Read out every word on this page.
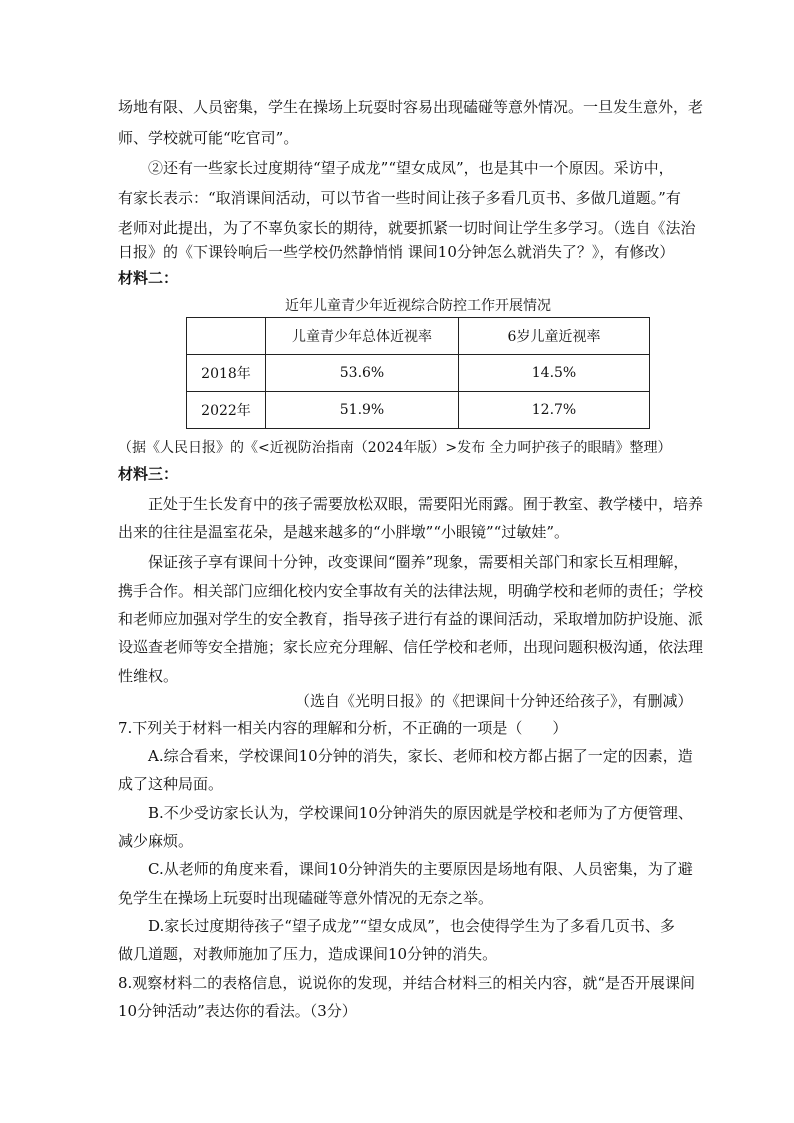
场地有限、人员密集，学生在操场上玩耍时容易出现磕碰等意外情况。一旦发生意外，老
师、学校就可能“吃官司”。
②还有一些家长过度期待“望子成龙”“望女成凤”，也是其中一个原因。采访中，
有家长表示：“取消课间活动，可以节省一些时间让孩子多看几页书、多做几道题。”有
老师对此提出，为了不辜负家长的期待，就要抓紧一切时间让学生多学习。（选自《法治
日报》的《下课铃响后一些学校仍然静悄悄 课间10分钟怎么就消失了？》，有修改）
材料二：
近年儿童青少年近视综合防控工作开展情况
	儿童青少年总体近视率	6岁儿童近视率
2018年	53.6%	14.5%
2022年	51.9%	12.7%
（据《人民日报》的《<近视防治指南（2024年版）>发布 全力呵护孩子的眼睛》整理）
材料三：
正处于生长发育中的孩子需要放松双眼，需要阳光雨露。囿于教室、教学楼中，培养
出来的往往是温室花朵，是越来越多的“小胖墩”“小眼镜”“过敏娃”。
保证孩子享有课间十分钟，改变课间“圈养”现象，需要相关部门和家长互相理解，
携手合作。相关部门应细化校内安全事故有关的法律法规，明确学校和老师的责任；学校
和老师应加强对学生的安全教育，指导孩子进行有益的课间活动，采取增加防护设施、派
设巡查老师等安全措施；家长应充分理解、信任学校和老师，出现问题积极沟通，依法理
性维权。
（选自《光明日报》的《把课间十分钟还给孩子》，有删减）
7.下列关于材料一相关内容的理解和分析，不正确的一项是（　　）
A.综合看来，学校课间10分钟的消失，家长、老师和校方都占据了一定的因素，造
成了这种局面。
B.不少受访家长认为，学校课间10分钟消失的原因就是学校和老师为了方便管理、
减少麻烦。
C.从老师的角度来看，课间10分钟消失的主要原因是场地有限、人员密集，为了避
免学生在操场上玩耍时出现磕碰等意外情况的无奈之举。
D.家长过度期待孩子“望子成龙”“望女成凤”，也会使得学生为了多看几页书、多
做几道题，对教师施加了压力，造成课间10分钟的消失。
8.观察材料二的表格信息，说说你的发现，并结合材料三的相关内容，就“是否开展课间
10分钟活动”表达你的看法。（3分）
